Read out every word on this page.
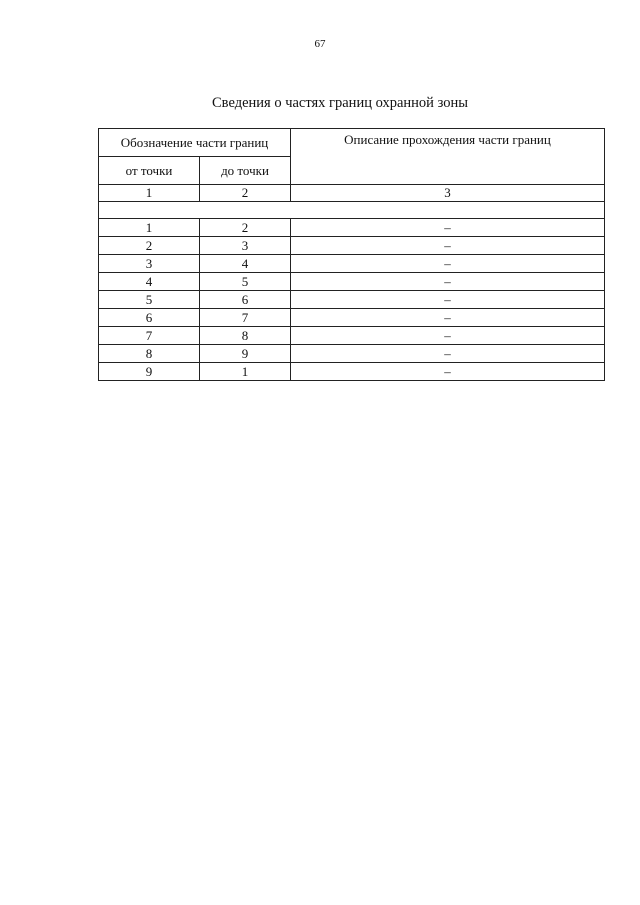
67
Сведения о частях границ охранной зоны
Обозначение части границ		Описание прохождения части границ
от точки	до точки	
1	2	3

1	2	–
2	3	–
3	4	–
4	5	–
5	6	–
6	7	–
7	8	–
8	9	–
9	1	–
